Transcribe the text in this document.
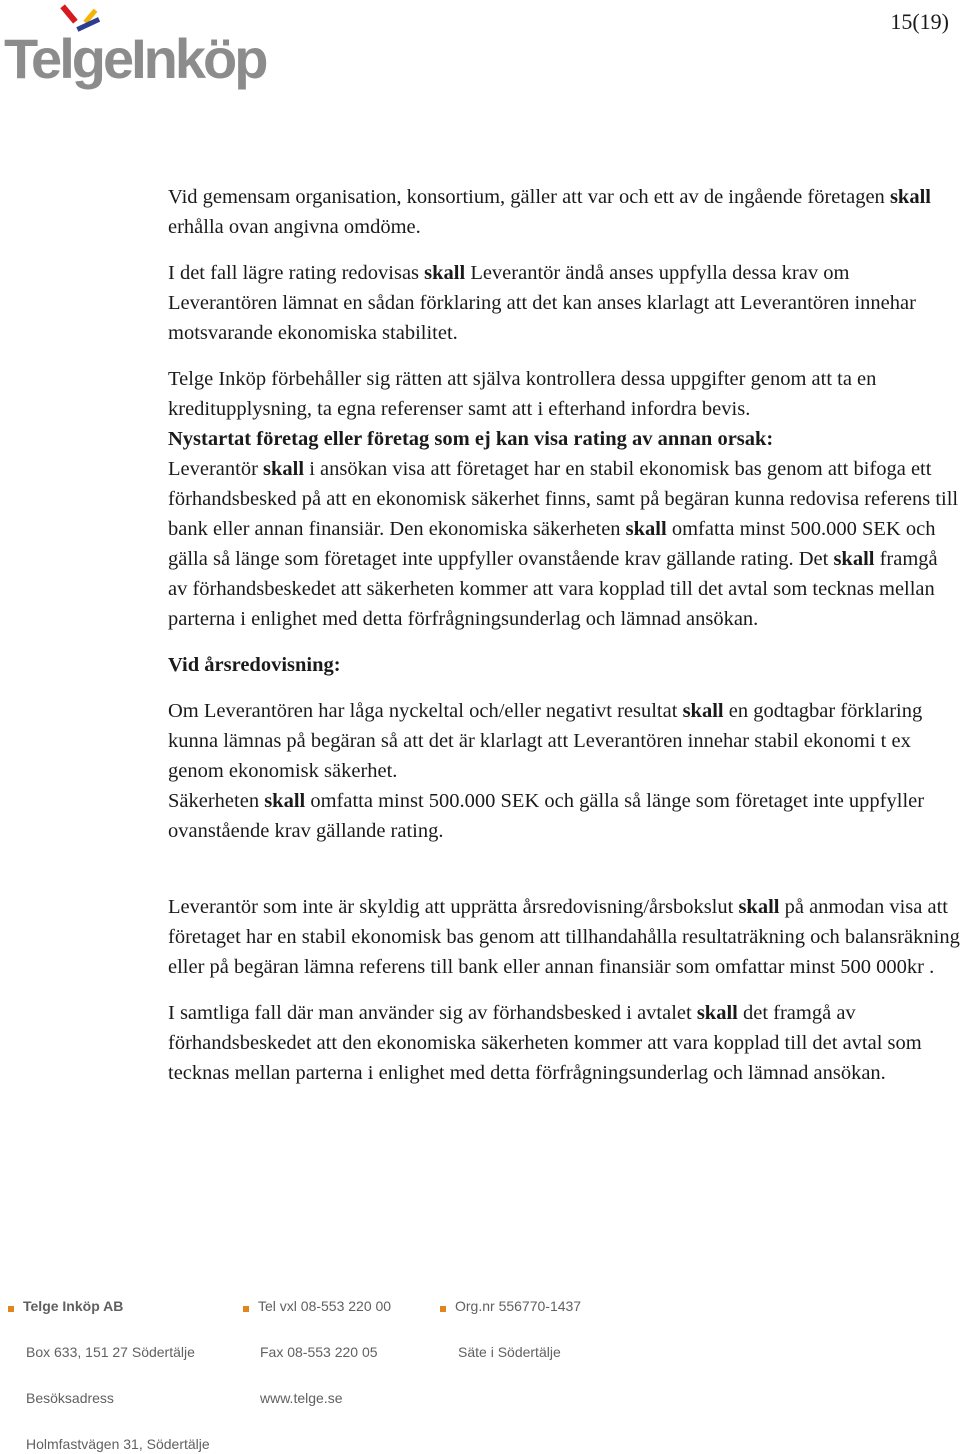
TelgeInköp
15(19)

Vid gemensam organisation, konsortium, gäller att var och ett av de ingående företagen skall erhålla ovan angivna omdöme.

I det fall lägre rating redovisas skall Leverantör ändå anses uppfylla dessa krav om Leverantören lämnat en sådan förklaring att det kan anses klarlagt att Leverantören innehar motsvarande ekonomiska stabilitet.

Telge Inköp förbehåller sig rätten att själva kontrollera dessa uppgifter genom att ta en kreditupplysning, ta egna referenser samt att i efterhand infordra bevis.

Nystartat företag eller företag som ej kan visa rating av annan orsak:

Leverantör skall i ansökan visa att företaget har en stabil ekonomisk bas genom att bifoga ett förhandsbesked på att en ekonomisk säkerhet finns, samt på begäran kunna redovisa referens till bank eller annan finansiär. Den ekonomiska säkerheten skall omfatta minst 500.000 SEK och gälla så länge som företaget inte uppfyller ovanstående krav gällande rating. Det skall framgå av förhandsbeskedet att säkerheten kommer att vara kopplad till det avtal som tecknas mellan parterna i enlighet med detta förfrågningsunderlag och lämnad ansökan.

Vid årsredovisning:

Om Leverantören har låga nyckeltal och/eller negativt resultat skall en godtagbar förklaring kunna lämnas på begäran så att det är klarlagt att Leverantören innehar stabil ekonomi t ex genom ekonomisk säkerhet.

Säkerheten skall omfatta minst 500.000 SEK och gälla så länge som företaget inte uppfyller ovanstående krav gällande rating.

Leverantör som inte är skyldig att upprätta årsredovisning/årsbokslut skall på anmodan visa att företaget har en stabil ekonomisk bas genom att tillhandahålla resultaträkning och balansräkning eller på begäran lämna referens till bank eller annan finansiär som omfattar minst 500 000kr .

I samtliga fall där man använder sig av förhandsbesked i avtalet skall det framgå av förhandsbeskedet att den ekonomiska säkerheten kommer att vara kopplad till det avtal som tecknas mellan parterna i enlighet med detta förfrågningsunderlag och lämnad ansökan.

Telge Inköp AB	Tel vxl 08-553 220 00	Org.nr 556770-1437
Box 633, 151 27 Södertälje	Fax 08-553 220 05	Säte i Södertälje
Besöksadress	www.telge.se
Holmfastvägen 31, Södertälje
